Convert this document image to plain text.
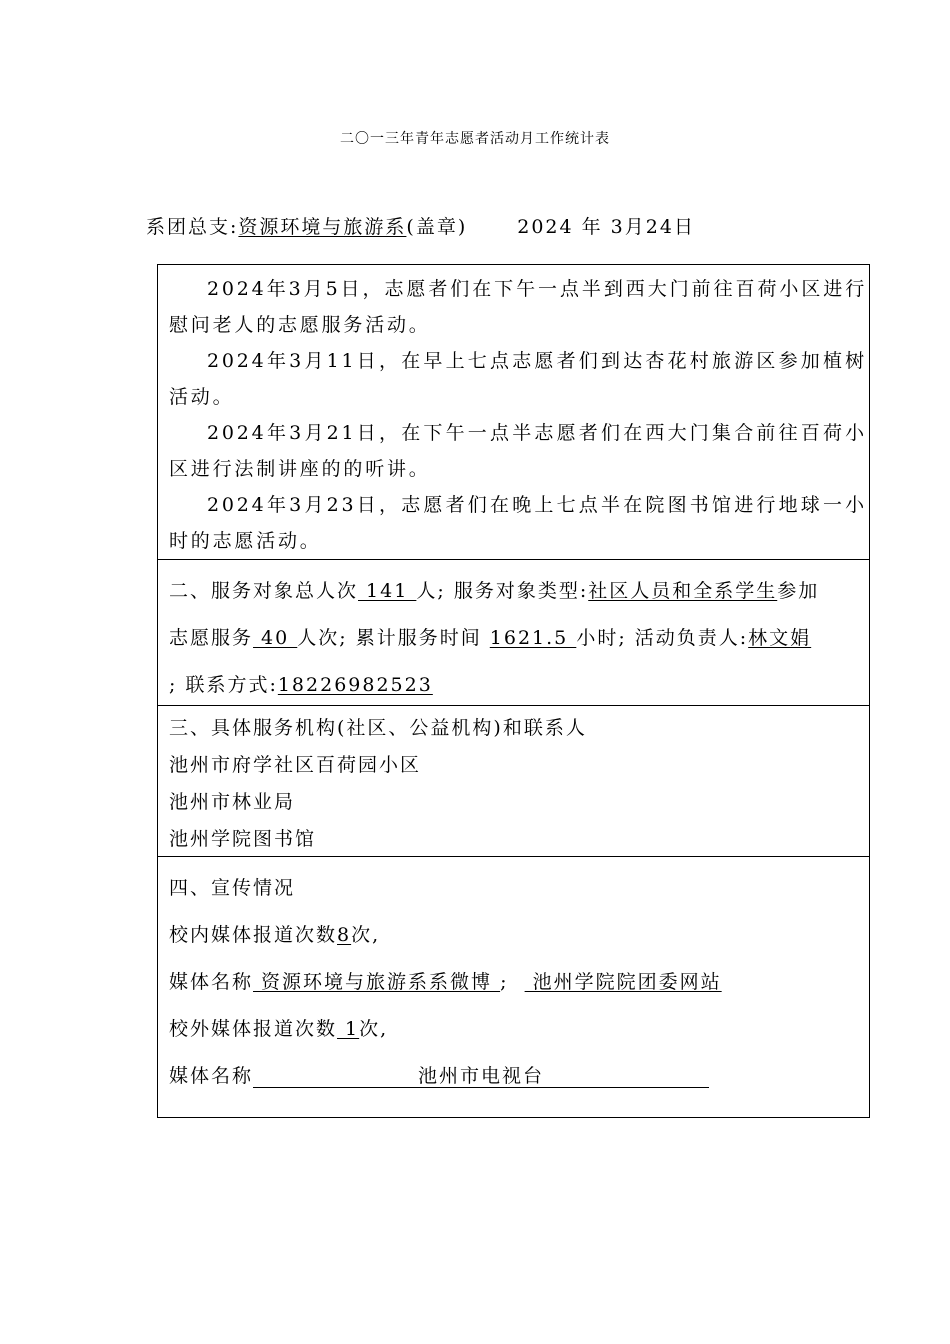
二〇一三年青年志愿者活动月工作统计表
系团总支:资源环境与旅游系(盖章)	2024 年 3月24日

2024年3月5日，志愿者们在下午一点半到西大门前往百荷小区进行慰问老人的志愿服务活动。

2024年3月11日，在早上七点志愿者们到达杏花村旅游区参加植树活动。

2024年3月21日，在下午一点半志愿者们在西大门集合前往百荷小区进行法制讲座的的听讲。

2024年3月23日，志愿者们在晚上七点半在院图书馆进行地球一小时的志愿活动。

二、服务对象总人次 141 人; 服务对象类型:社区人员和全系学生参加
志愿服务 40 人次; 累计服务时间 1621.5 小时; 活动负责人:林文娟
; 联系方式:18226982523
三、具体服务机构(社区、公益机构)和联系人
池州市府学社区百荷园小区
池州市林业局
池州学院图书馆
四、宣传情况
校内媒体报道次数8次,
媒体名称 资源环境与旅游系系微博 ;   池州学院院团委网站
校外媒体报道次数 1次,
媒体名称	池州市电视台
